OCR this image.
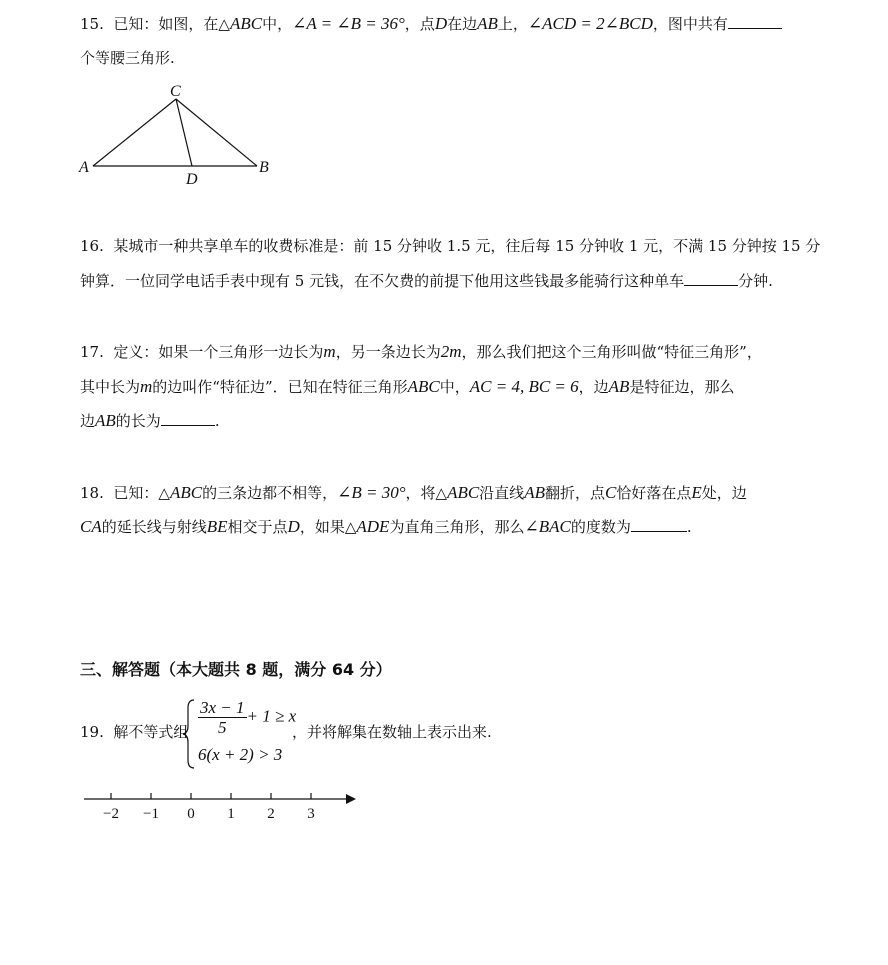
15. 已知：如图，在△ABC中，∠A = ∠B = 36°，点D在边AB上，∠ACD = 2∠BCD，图中共有
个等腰三角形.
C
A
D
B
16. 某城市一种共享单车的收费标准是：前 15 分钟收 1.5 元，往后每 15 分钟收 1 元，不满 15 分钟按 15 分
钟算．一位同学电话手表中现有 5 元钱，在不欠费的前提下他用这些钱最多能骑行这种单车	分钟.
17. 定义：如果一个三角形一边长为m，另一条边长为2m，那么我们把这个三角形叫做“特征三角形”，
其中长为m的边叫作“特征边”．已知在特征三角形ABC中，AC = 4, BC = 6，边AB是特征边，那么
边AB的长为	.
18. 已知：△ABC的三条边都不相等，∠B = 30°，将△ABC沿直线AB翻折，点C恰好落在点E处，边
CA的延长线与射线BE相交于点D，如果△ADE为直角三角形，那么∠BAC的度数为	.
三、解答题（本大题共 8 题，满分 64 分）
19. 解不等式组 $\frac{3x - 1}{5} + 1 \ge x$
6(x + 2) > 3
，并将解集在数轴上表示出来.
−2 −1 0 1 2 3
